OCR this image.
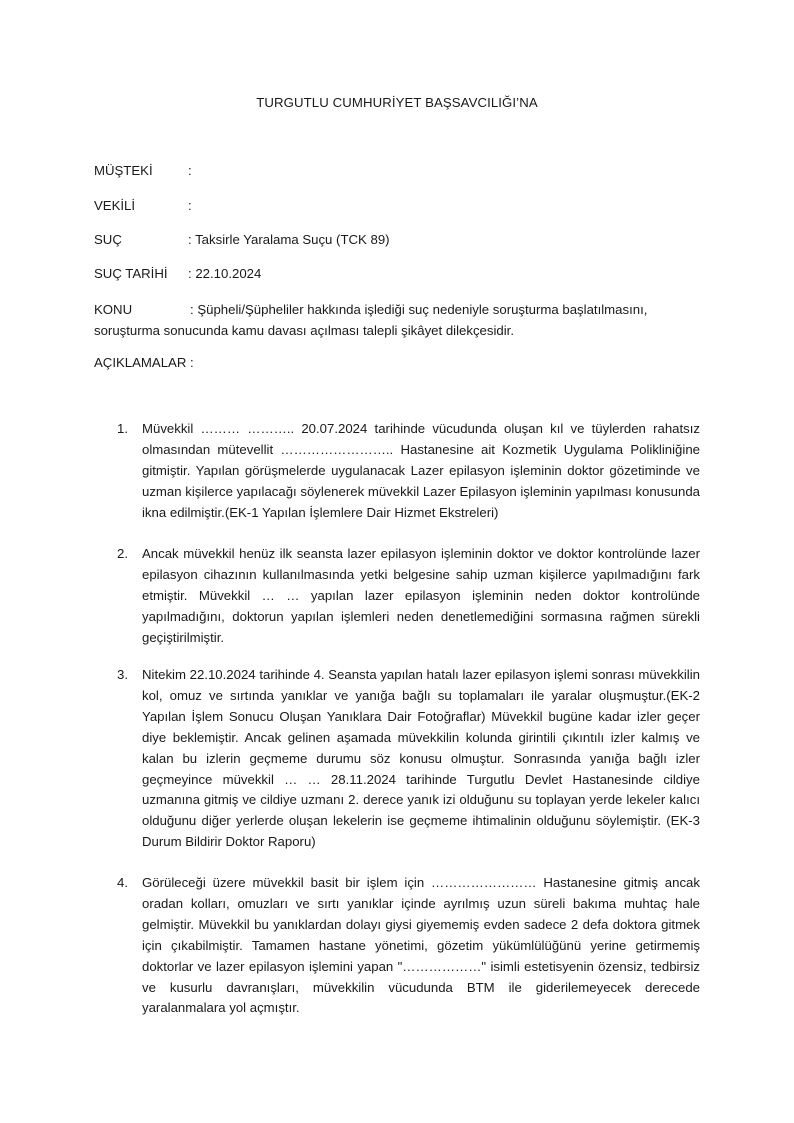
TURGUTLU CUMHURİYET BAŞSAVCILIĞI’NA
MÜŞTEKİ	:
VEKİLİ	:
SUÇ	: Taksirle Yaralama Suçu (TCK 89)
SUÇ TARİHİ : 22.10.2024
KONU	: Şüpheli/Şüpheliler hakkında işlediği suç nedeniyle soruşturma başlatılmasını, soruşturma sonucunda kamu davası açılması talepli şikâyet dilekçesidir.
AÇIKLAMALAR :
1.	Müvekkil ……… ……….. 20.07.2024 tarihinde vücudunda oluşan kıl ve tüylerden rahatsız olmasından mütevellit …………………….. Hastanesine ait Kozmetik Uygulama Polikliniğine gitmiştir. Yapılan görüşmelerde uygulanacak Lazer epilasyon işleminin doktor gözetiminde ve uzman kişilerce yapılacağı söylenerek müvekkil Lazer Epilasyon işleminin yapılması konusunda ikna edilmiştir.(EK-1 Yapılan İşlemlere Dair Hizmet Ekstreleri)
2.	Ancak müvekkil henüz ilk seansta lazer epilasyon işleminin doktor ve doktor kontrolünde lazer epilasyon cihazının kullanılmasında yetki belgesine sahip uzman kişilerce yapılmadığını fark etmiştir. Müvekkil … … yapılan lazer epilasyon işleminin neden doktor kontrolünde yapılmadığını, doktorun yapılan işlemleri neden denetlemediğini sormasına rağmen sürekli geçiştirilmiştir.
3.	Nitekim 22.10.2024 tarihinde 4. Seansta yapılan hatalı lazer epilasyon işlemi sonrası müvekkilin kol, omuz ve sırtında yanıklar ve yanığa bağlı su toplamaları ile yaralar oluşmuştur.(EK-2 Yapılan İşlem Sonucu Oluşan Yanıklara Dair Fotoğraflar) Müvekkil bugüne kadar izler geçer diye beklemiştir. Ancak gelinen aşamada müvekkilin kolunda girintili çıkıntılı izler kalmış ve kalan bu izlerin geçmeme durumu söz konusu olmuştur. Sonrasında yanığa bağlı izler geçmeyince müvekkil … … 28.11.2024 tarihinde Turgutlu Devlet Hastanesinde cildiye uzmanına gitmiş ve cildiye uzmanı 2. derece yanık izi olduğunu su toplayan yerde lekeler kalıcı olduğunu diğer yerlerde oluşan lekelerin ise geçmeme ihtimalinin olduğunu söylemiştir. (EK-3 Durum Bildirir Doktor Raporu)
4.	Görüleceği üzere müvekkil basit bir işlem için …………………… Hastanesine gitmiş ancak oradan kolları, omuzları ve sırtı yanıklar içinde ayrılmış uzun süreli bakıma muhtaç hale gelmiştir. Müvekkil bu yanıklardan dolayı giysi giyememiş evden sadece 2 defa doktora gitmek için çıkabilmiştir. Tamamen hastane yönetimi, gözetim yükümlülüğünü yerine getirmemiş doktorlar ve lazer epilasyon işlemini yapan "………………" isimli estetisyenin özensiz, tedbirsiz ve kusurlu davranışları, müvekkilin vücudunda BTM ile giderilemeyecek derecede yaralanmalara yol açmıştır.
